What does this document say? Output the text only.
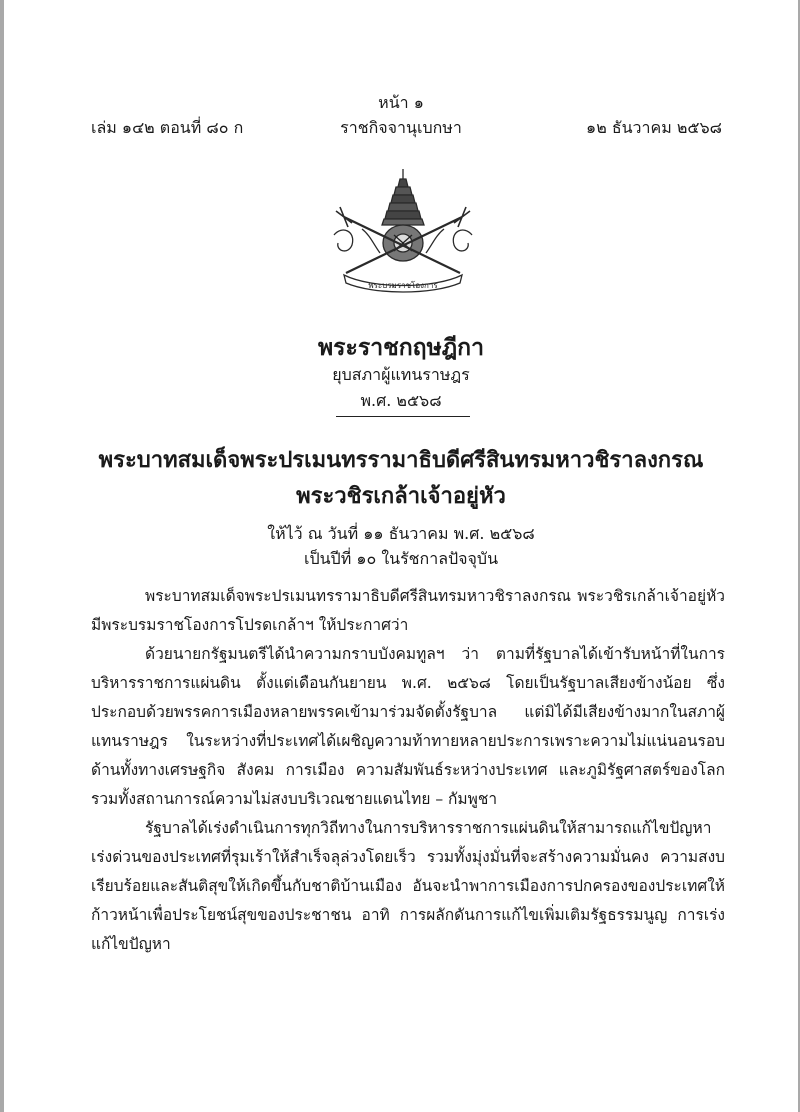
หน้า ๑
เล่ม ๑๔๒ ตอนที่ ๘๐ ก	ราชกิจจานุเบกษา	๑๒ ธันวาคม ๒๕๖๘
พระบรมราชโองการ
พระราชกฤษฎีกา
ยุบสภาผู้แทนราษฎร
พ.ศ. ๒๕๖๘
พระบาทสมเด็จพระปรเมนทรรามาธิบดีศรีสินทรมหาวชิราลงกรณ
พระวชิรเกล้าเจ้าอยู่หัว
ให้ไว้ ณ วันที่ ๑๑ ธันวาคม พ.ศ. ๒๕๖๘
เป็นปีที่ ๑๐ ในรัชกาลปัจจุบัน

พระบาทสมเด็จพระปรเมนทรรามาธิบดีศรีสินทรมหาวชิราลงกรณ พระวชิรเกล้าเจ้าอยู่หัว มีพระบรมราชโองการโปรดเกล้าฯ ให้ประกาศว่า

ด้วยนายกรัฐมนตรีได้นำความกราบบังคมทูลฯ ว่า ตามที่รัฐบาลได้เข้ารับหน้าที่ในการบริหารราชการแผ่นดิน ตั้งแต่เดือนกันยายน พ.ศ. ๒๕๖๘ โดยเป็นรัฐบาลเสียงข้างน้อย ซึ่งประกอบด้วยพรรคการเมืองหลายพรรคเข้ามาร่วมจัดตั้งรัฐบาล แต่มิได้มีเสียงข้างมากในสภาผู้แทนราษฎร ในระหว่างที่ประเทศได้เผชิญความท้าทายหลายประการเพราะความไม่แน่นอนรอบด้านทั้งทางเศรษฐกิจ สังคม การเมือง ความสัมพันธ์ระหว่างประเทศ และภูมิรัฐศาสตร์ของโลก รวมทั้งสถานการณ์ความไม่สงบบริเวณชายแดนไทย – กัมพูชา

รัฐบาลได้เร่งดำเนินการทุกวิถีทางในการบริหารราชการแผ่นดินให้สามารถแก้ไขปัญหาเร่งด่วนของประเทศที่รุมเร้าให้สำเร็จลุล่วงโดยเร็ว รวมทั้งมุ่งมั่นที่จะสร้างความมั่นคง ความสงบเรียบร้อยและสันติสุขให้เกิดขึ้นกับชาติบ้านเมือง อันจะนำพาการเมืองการปกครองของประเทศให้ก้าวหน้าเพื่อประโยชน์สุขของประชาชน อาทิ การผลักดันการแก้ไขเพิ่มเติมรัฐธรรมนูญ การเร่งแก้ไขปัญหา
